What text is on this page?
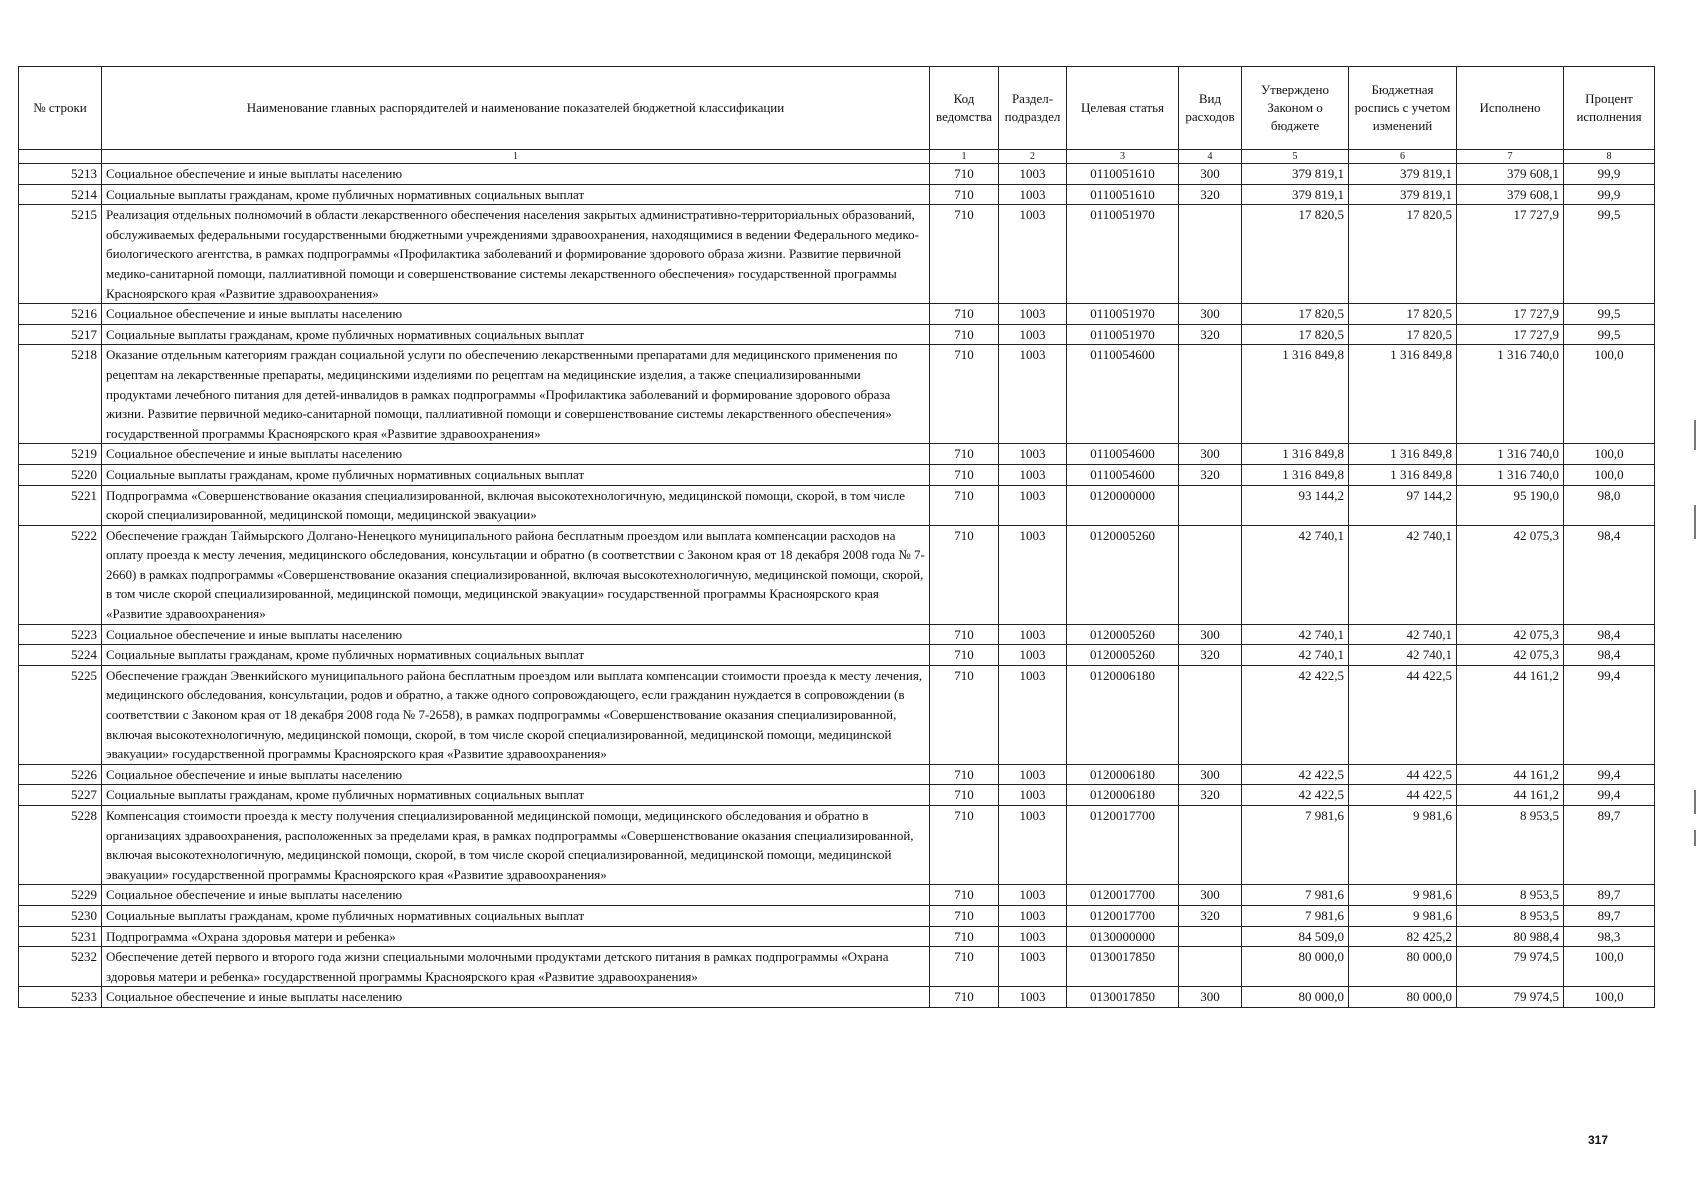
№ строки	Наименование главных распорядителей и наименование показателей бюджетной классификации	Код ведомства	Раздел-подраздел	Целевая статья	Вид расходов	Утверждено Законом о бюджете	Бюджетная роспись с учетом изменений	Исполнено	Процент исполнения
	1	1	2	3	4	5	6	7	8
5213	Социальное обеспечение и иные выплаты населению	710	1003	0110051610	300	379 819,1	379 819,1	379 608,1	99,9
5214	Социальные выплаты гражданам, кроме публичных нормативных социальных выплат	710	1003	0110051610	320	379 819,1	379 819,1	379 608,1	99,9
5215	Реализация отдельных полномочий в области лекарственного обеспечения населения закрытых административно-территориальных образований, обслуживаемых федеральными государственными бюджетными учреждениями здравоохранения, находящимися в ведении Федерального медико-биологического агентства, в рамках подпрограммы «Профилактика заболеваний и формирование здорового образа жизни. Развитие первичной медико-санитарной помощи, паллиативной помощи и совершенствование системы лекарственного обеспечения» государственной программы Красноярского края «Развитие здравоохранения»	710	1003	0110051970		17 820,5	17 820,5	17 727,9	99,5
5216	Социальное обеспечение и иные выплаты населению	710	1003	0110051970	300	17 820,5	17 820,5	17 727,9	99,5
5217	Социальные выплаты гражданам, кроме публичных нормативных социальных выплат	710	1003	0110051970	320	17 820,5	17 820,5	17 727,9	99,5
5218	Оказание отдельным категориям граждан социальной услуги по обеспечению лекарственными препаратами для медицинского применения по рецептам на лекарственные препараты, медицинскими изделиями по рецептам на медицинские изделия, а также специализированными продуктами лечебного питания для детей-инвалидов в рамках подпрограммы «Профилактика заболеваний и формирование здорового образа жизни. Развитие первичной медико-санитарной помощи, паллиативной помощи и совершенствование системы лекарственного обеспечения» государственной программы Красноярского края «Развитие здравоохранения»	710	1003	0110054600		1 316 849,8	1 316 849,8	1 316 740,0	100,0
5219	Социальное обеспечение и иные выплаты населению	710	1003	0110054600	300	1 316 849,8	1 316 849,8	1 316 740,0	100,0
5220	Социальные выплаты гражданам, кроме публичных нормативных социальных выплат	710	1003	0110054600	320	1 316 849,8	1 316 849,8	1 316 740,0	100,0
5221	Подпрограмма «Совершенствование оказания специализированной, включая высокотехнологичную, медицинской помощи, скорой, в том числе скорой специализированной, медицинской помощи, медицинской эвакуации»	710	1003	0120000000		93 144,2	97 144,2	95 190,0	98,0
5222	Обеспечение граждан Таймырского Долгано-Ненецкого муниципального района бесплатным проездом или выплата компенсации расходов на оплату проезда к месту лечения, медицинского обследования, консультации и обратно (в соответствии с Законом края от 18 декабря 2008 года № 7-2660) в рамках подпрограммы «Совершенствование оказания специализированной, включая высокотехнологичную, медицинской помощи, скорой, в том числе скорой специализированной, медицинской помощи, медицинской эвакуации» государственной программы Красноярского края «Развитие здравоохранения»	710	1003	0120005260		42 740,1	42 740,1	42 075,3	98,4
5223	Социальное обеспечение и иные выплаты населению	710	1003	0120005260	300	42 740,1	42 740,1	42 075,3	98,4
5224	Социальные выплаты гражданам, кроме публичных нормативных социальных выплат	710	1003	0120005260	320	42 740,1	42 740,1	42 075,3	98,4
5225	Обеспечение граждан Эвенкийского муниципального района бесплатным проездом или выплата компенсации стоимости проезда к месту лечения, медицинского обследования, консультации, родов и обратно, а также одного сопровождающего, если гражданин нуждается в сопровождении (в соответствии с Законом края от 18 декабря 2008 года № 7-2658), в рамках подпрограммы «Совершенствование оказания специализированной, включая высокотехнологичную, медицинской помощи, скорой, в том числе скорой специализированной, медицинской помощи, медицинской эвакуации» государственной программы Красноярского края «Развитие здравоохранения»	710	1003	0120006180		42 422,5	44 422,5	44 161,2	99,4
5226	Социальное обеспечение и иные выплаты населению	710	1003	0120006180	300	42 422,5	44 422,5	44 161,2	99,4
5227	Социальные выплаты гражданам, кроме публичных нормативных социальных выплат	710	1003	0120006180	320	42 422,5	44 422,5	44 161,2	99,4
5228	Компенсация стоимости проезда к месту получения специализированной медицинской помощи, медицинского обследования и обратно в организациях здравоохранения, расположенных за пределами края, в рамках подпрограммы «Совершенствование оказания специализированной, включая высокотехнологичную, медицинской помощи, скорой, в том числе скорой специализированной, медицинской помощи, медицинской эвакуации» государственной программы Красноярского края «Развитие здравоохранения»	710	1003	0120017700		7 981,6	9 981,6	8 953,5	89,7
5229	Социальное обеспечение и иные выплаты населению	710	1003	0120017700	300	7 981,6	9 981,6	8 953,5	89,7
5230	Социальные выплаты гражданам, кроме публичных нормативных социальных выплат	710	1003	0120017700	320	7 981,6	9 981,6	8 953,5	89,7
5231	Подпрограмма «Охрана здоровья матери и ребенка»	710	1003	0130000000		84 509,0	82 425,2	80 988,4	98,3
5232	Обеспечение детей первого и второго года жизни специальными молочными продуктами детского питания в рамках подпрограммы «Охрана здоровья матери и ребенка» государственной программы Красноярского края «Развитие здравоохранения»	710	1003	0130017850		80 000,0	80 000,0	79 974,5	100,0
5233	Социальное обеспечение и иные выплаты населению	710	1003	0130017850	300	80 000,0	80 000,0	79 974,5	100,0
317
